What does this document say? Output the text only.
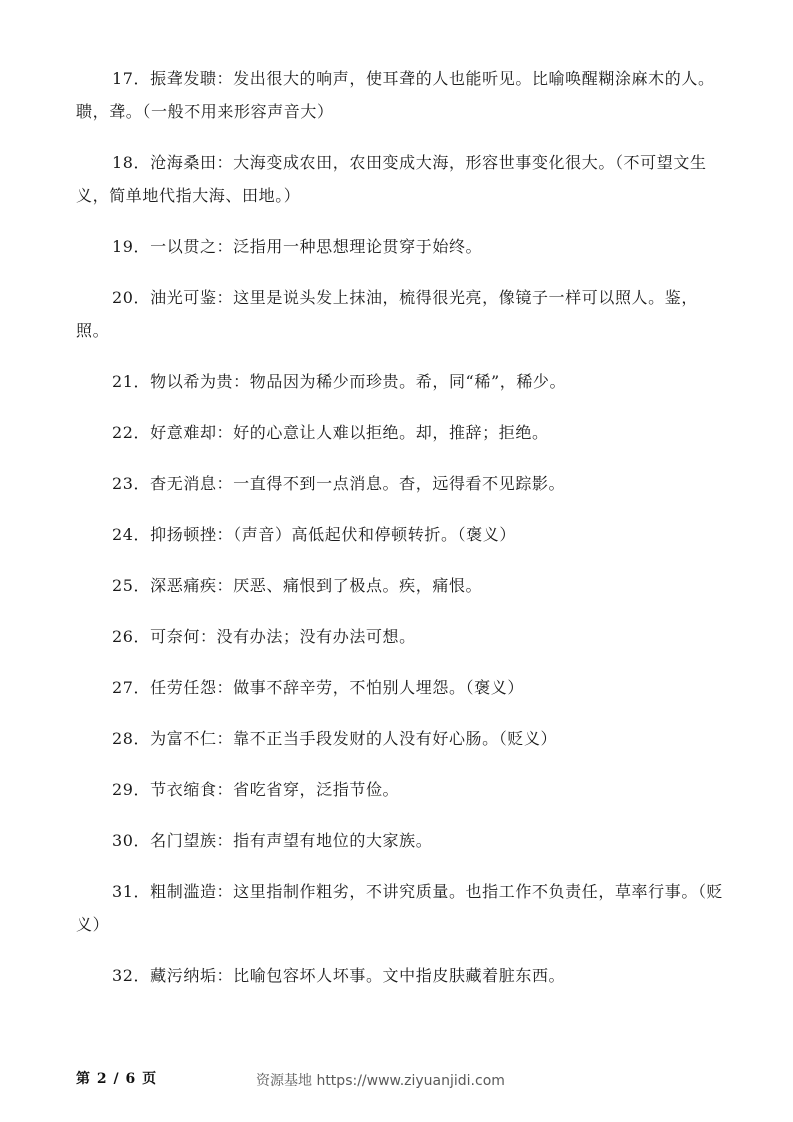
17．振聋发聩：发出很大的响声，使耳聋的人也能听见。比喻唤醒糊涂麻木的人。聩，聋。（一般不用来形容声音大）

18．沧海桑田：大海变成农田，农田变成大海，形容世事变化很大。（不可望文生义，简单地代指大海、田地。）

19．一以贯之：泛指用一种思想理论贯穿于始终。

20．油光可鉴：这里是说头发上抹油，梳得很光亮，像镜子一样可以照人。鉴，照。

21．物以希为贵：物品因为稀少而珍贵。希，同“稀”，稀少。

22．好意难却：好的心意让人难以拒绝。却，推辞；拒绝。

23．杳无消息：一直得不到一点消息。杳，远得看不见踪影。

24．抑扬顿挫：（声音）高低起伏和停顿转折。（褒义）

25．深恶痛疾：厌恶、痛恨到了极点。疾，痛恨。

26．可奈何：没有办法；没有办法可想。

27．任劳任怨：做事不辞辛劳，不怕别人埋怨。（褒义）

28．为富不仁：靠不正当手段发财的人没有好心肠。（贬义）

29．节衣缩食：省吃省穿，泛指节俭。

30．名门望族：指有声望有地位的大家族。

31．粗制滥造：这里指制作粗劣，不讲究质量。也指工作不负责任，草率行事。（贬义）

32．藏污纳垢：比喻包容坏人坏事。文中指皮肤藏着脏东西。

第 2 / 6 页	资源基地 https://www.ziyuanjidi.com
